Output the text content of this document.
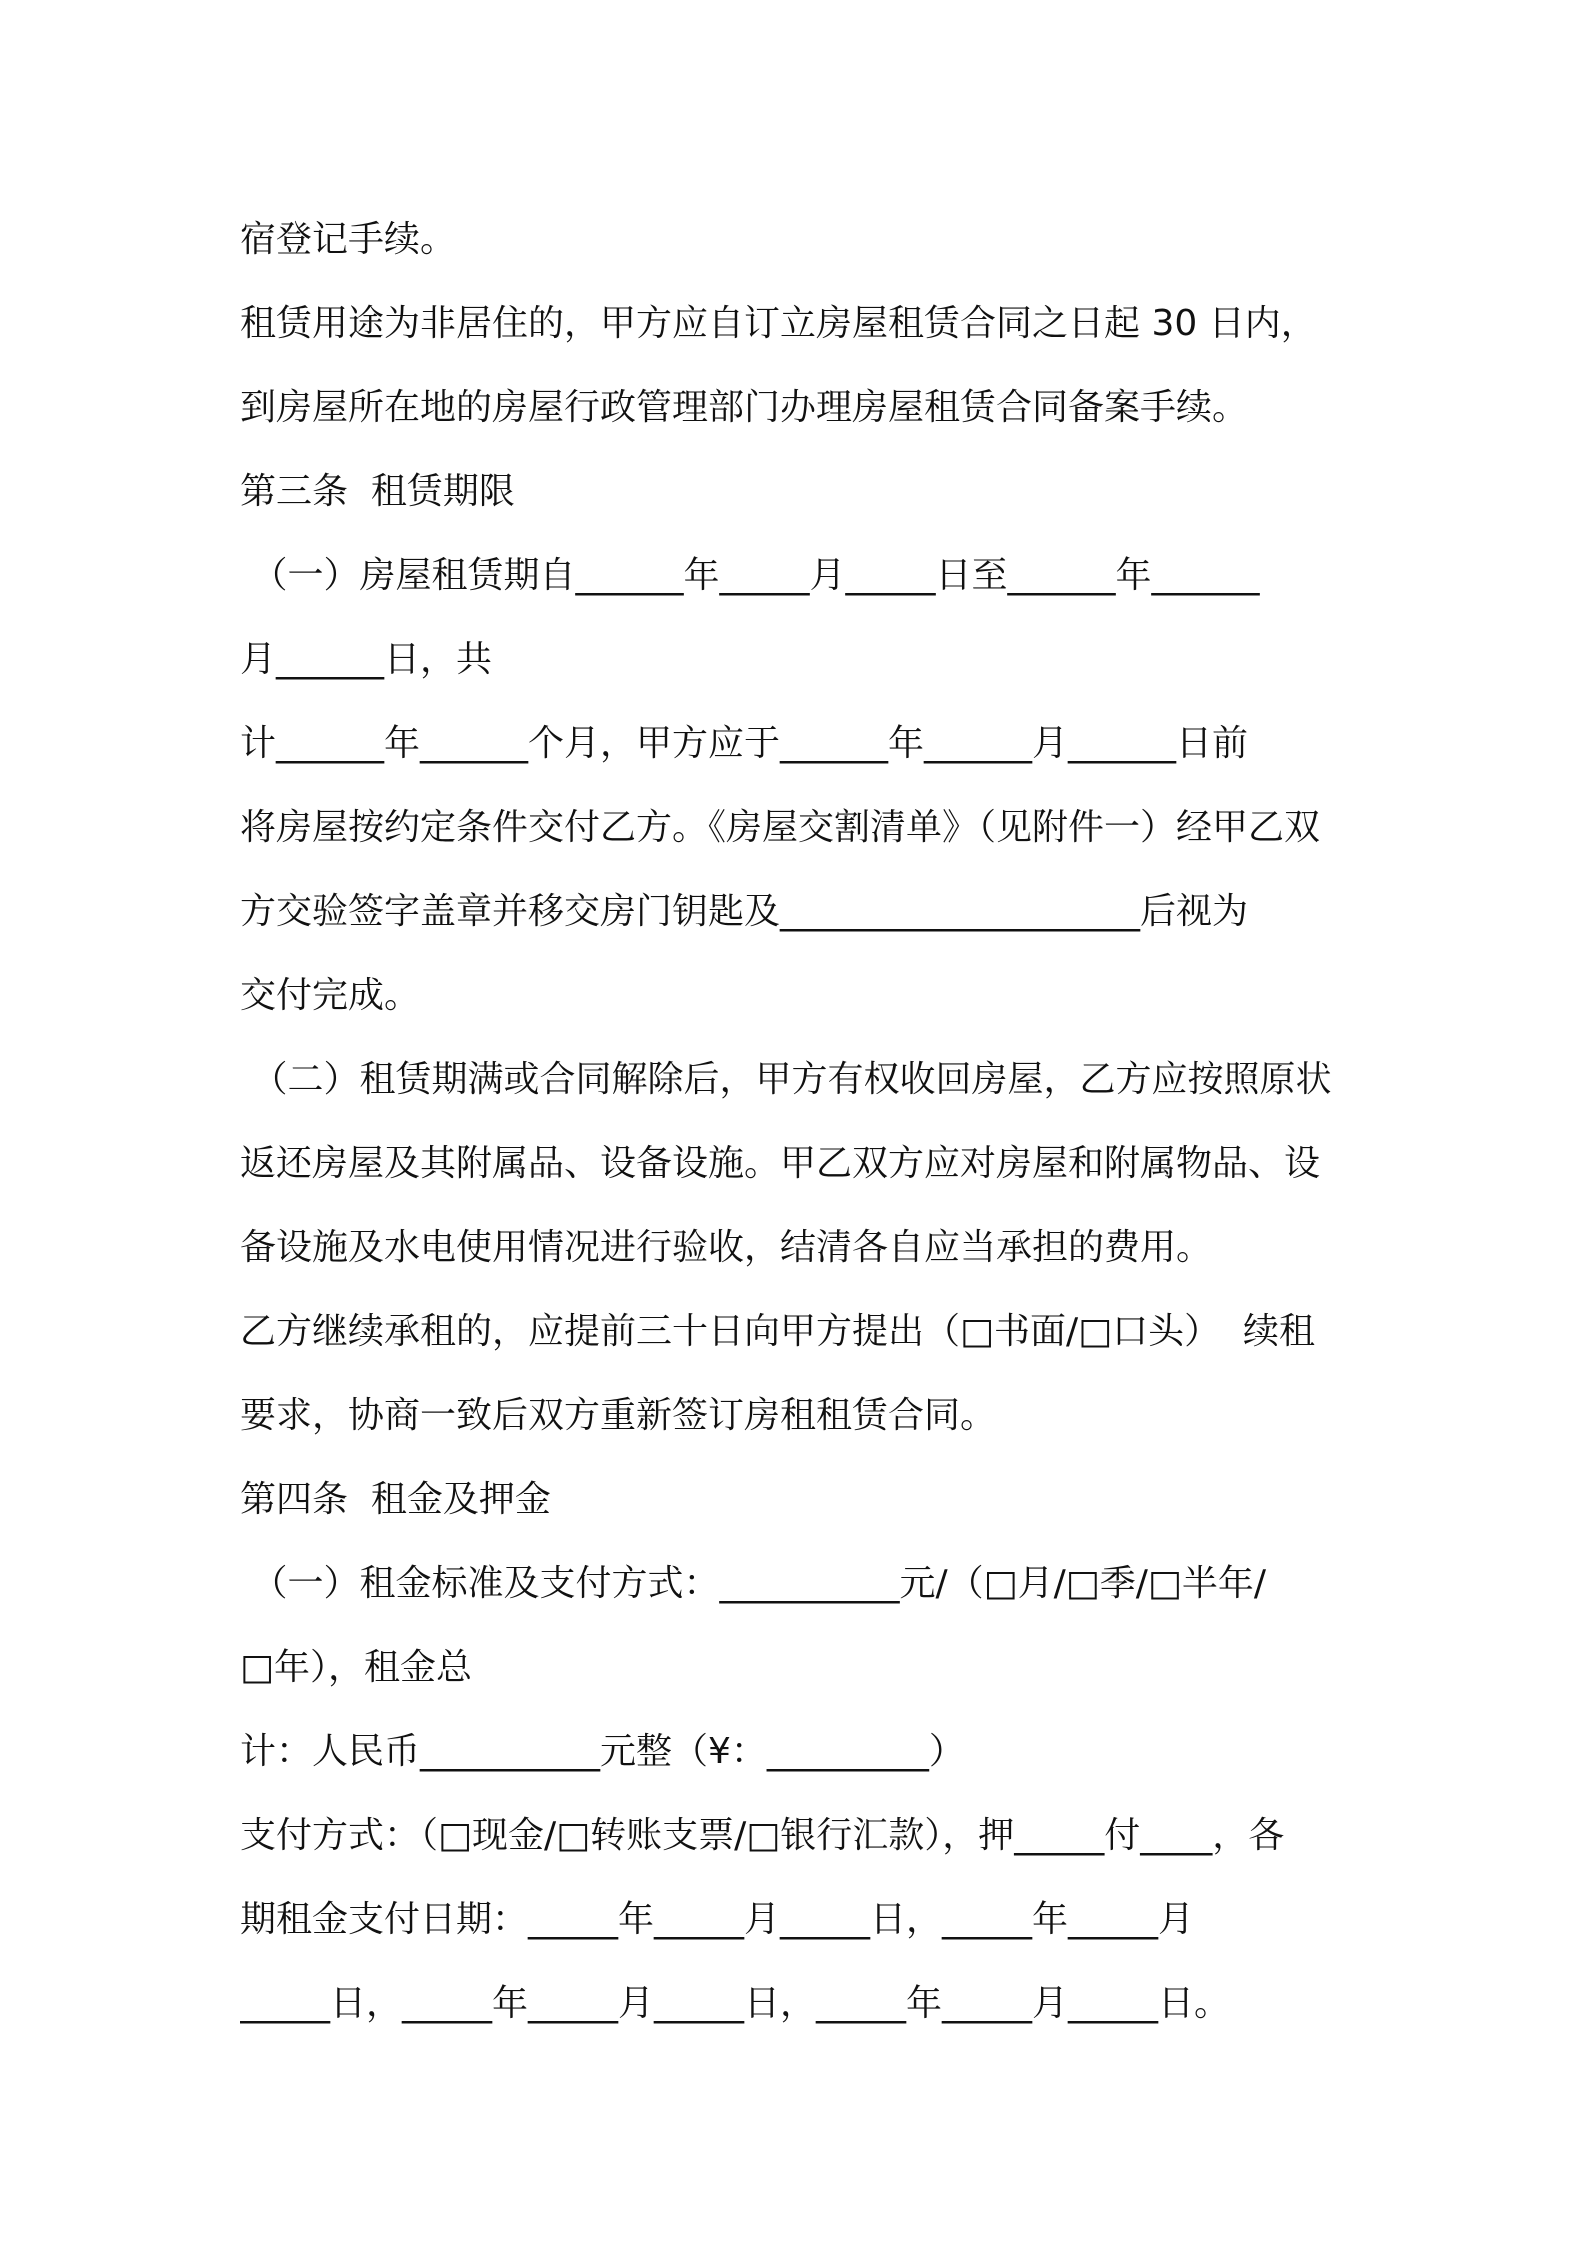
宿登记手续。
租赁用途为非居住的，甲方应自订立房屋租赁合同之日起 30 日内，
到房屋所在地的房屋行政管理部门办理房屋租赁合同备案手续。
第三条  租赁期限
（一）房屋租赁期自______年_____月_____日至______年______
月______日，共
计______年______个月，甲方应于______年______月______日前
将房屋按约定条件交付乙方。《房屋交割清单》（见附件一）经甲乙双
方交验签字盖章并移交房门钥匙及____________________后视为
交付完成。
（二）租赁期满或合同解除后，甲方有权收回房屋，乙方应按照原状
返还房屋及其附属品、设备设施。甲乙双方应对房屋和附属物品、设
备设施及水电使用情况进行验收，结清各自应当承担的费用。
乙方继续承租的，应提前三十日向甲方提出（□书面/□口头）  续租
要求，协商一致后双方重新签订房租租赁合同。
第四条  租金及押金
（一）租金标准及支付方式：__________元/（□月/□季/□半年/
□年），租金总
计：人民币__________元整（¥：_________）
支付方式：（□现金/□转账支票/□银行汇款），押_____付____，各
期租金支付日期：_____年_____月_____日，_____年_____月
_____日，_____年_____月_____日，_____年_____月_____日。
